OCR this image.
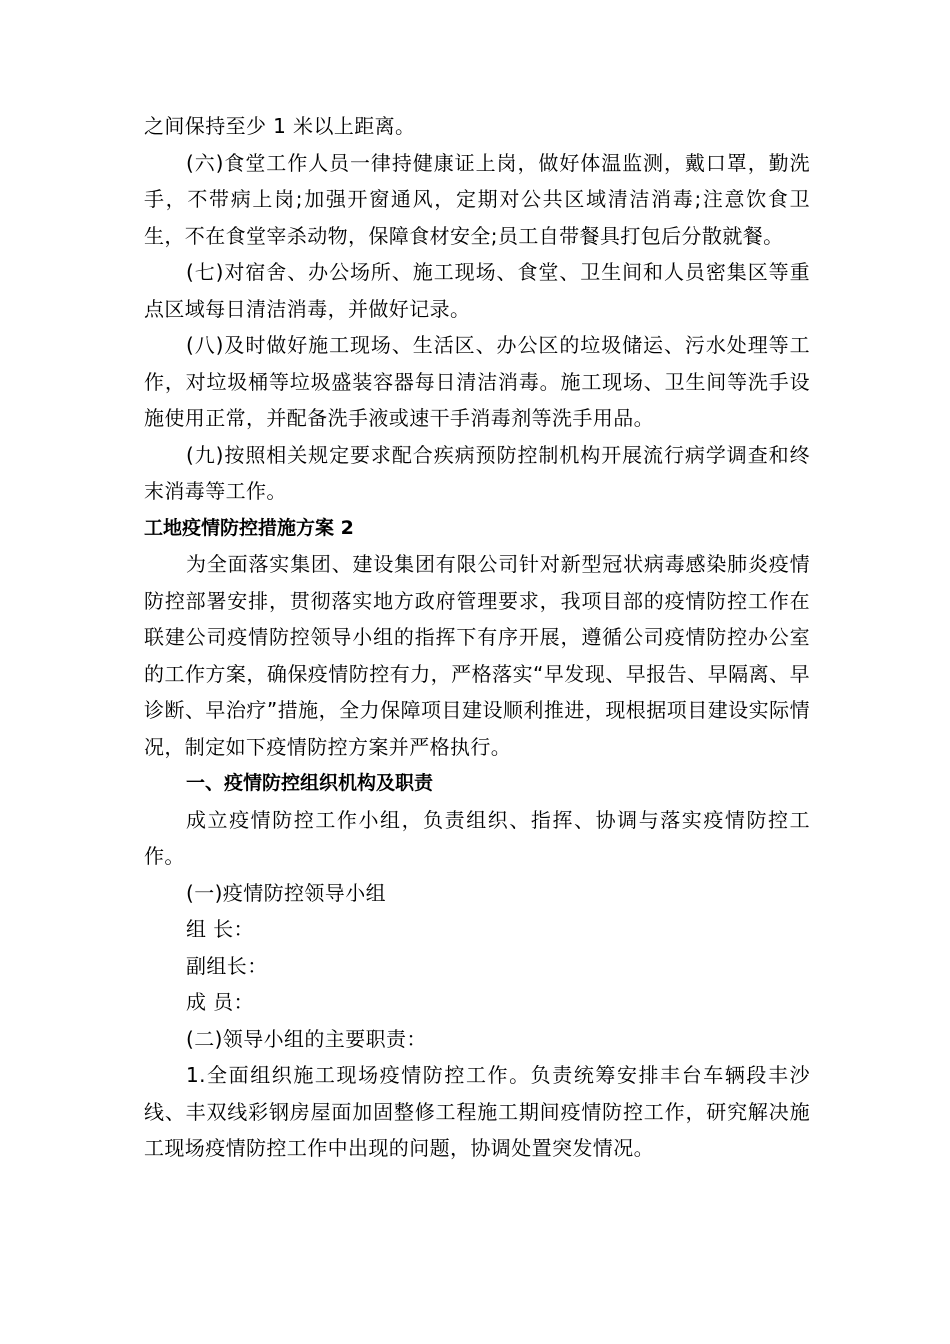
之间保持至少 1 米以上距离。

(六)食堂工作人员一律持健康证上岗，做好体温监测，戴口罩，勤洗手，不带病上岗;加强开窗通风，定期对公共区域清洁消毒;注意饮食卫生，不在食堂宰杀动物，保障食材安全;员工自带餐具打包后分散就餐。

(七)对宿舍、办公场所、施工现场、食堂、卫生间和人员密集区等重点区域每日清洁消毒，并做好记录。

(八)及时做好施工现场、生活区、办公区的垃圾储运、污水处理等工作，对垃圾桶等垃圾盛装容器每日清洁消毒。施工现场、卫生间等洗手设施使用正常，并配备洗手液或速干手消毒剂等洗手用品。

(九)按照相关规定要求配合疾病预防控制机构开展流行病学调查和终末消毒等工作。

工地疫情防控措施方案 2

为全面落实集团、建设集团有限公司针对新型冠状病毒感染肺炎疫情防控部署安排，贯彻落实地方政府管理要求，我项目部的疫情防控工作在联建公司疫情防控领导小组的指挥下有序开展，遵循公司疫情防控办公室的工作方案，确保疫情防控有力，严格落实“早发现、早报告、早隔离、早诊断、早治疗”措施，全力保障项目建设顺利推进，现根据项目建设实际情况，制定如下疫情防控方案并严格执行。

一、疫情防控组织机构及职责

成立疫情防控工作小组，负责组织、指挥、协调与落实疫情防控工作。

(一)疫情防控领导小组

组 长：

副组长：

成 员：

(二)领导小组的主要职责：

1.全面组织施工现场疫情防控工作。负责统筹安排丰台车辆段丰沙线、丰双线彩钢房屋面加固整修工程施工期间疫情防控工作，研究解决施工现场疫情防控工作中出现的问题，协调处置突发情况。
